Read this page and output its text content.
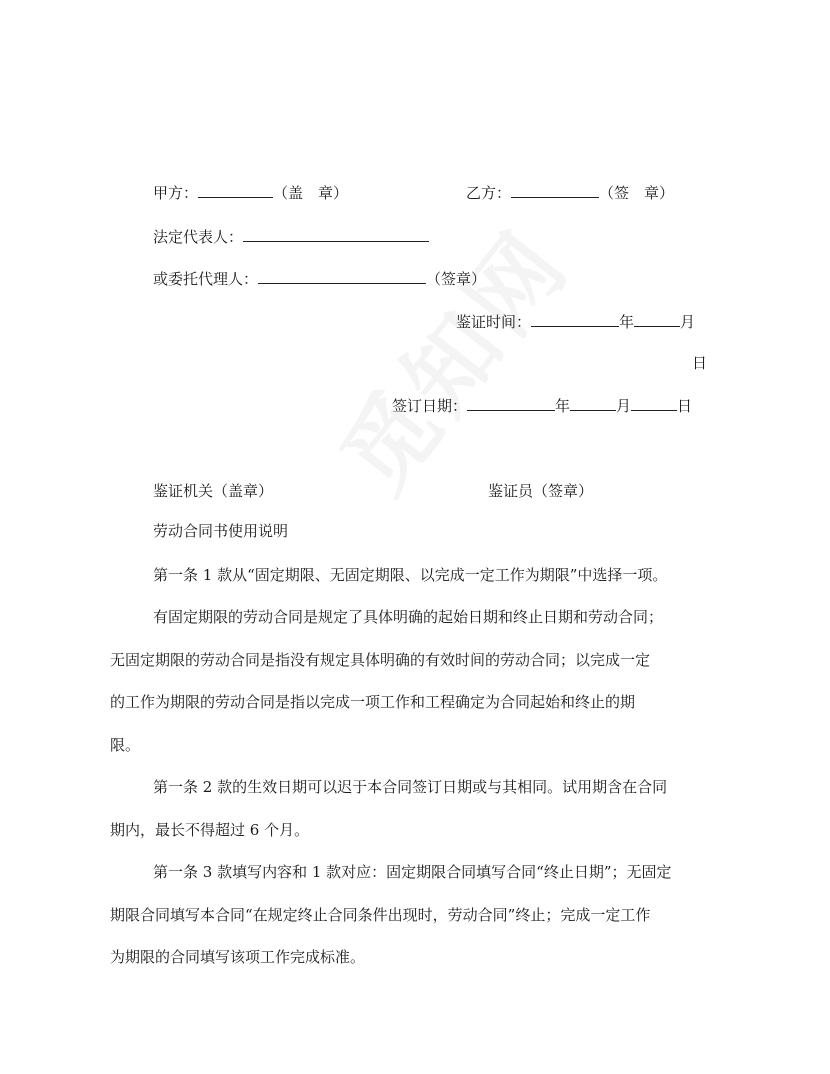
甲方：	（盖　章）	乙方：	（签　章）
法定代表人：
或委托代理人：	（签章）
鉴证时间：	年	月
日
签订日期：	年	月	日
鉴证机关（盖章）	鉴证员（签章）
劳动合同书使用说明
第一条 1 款从“固定期限、无固定期限、以完成一定工作为期限”中选择一项。
有固定期限的劳动合同是规定了具体明确的起始日期和终止日期和劳动合同；
无固定期限的劳动合同是指没有规定具体明确的有效时间的劳动合同；以完成一定
的工作为期限的劳动合同是指以完成一项工作和工程确定为合同起始和终止的期
限。
第一条 2 款的生效日期可以迟于本合同签订日期或与其相同。试用期含在合同
期内，最长不得超过 6 个月。
第一条 3 款填写内容和 1 款对应：固定期限合同填写合同“终止日期”；无固定
期限合同填写本合同“在规定终止合同条件出现时，劳动合同”终止；完成一定工作
为期限的合同填写该项工作完成标准。
